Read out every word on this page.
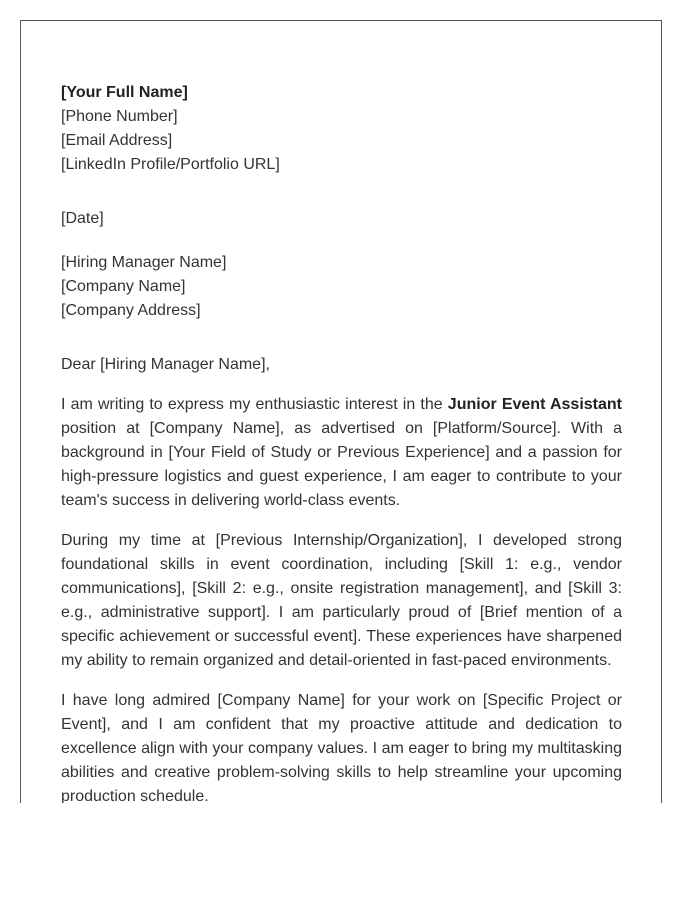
[Your Full Name]
[Phone Number]
[Email Address]
[LinkedIn Profile/Portfolio URL]
[Date]
[Hiring Manager Name]
[Company Name]
[Company Address]

Dear [Hiring Manager Name],

I am writing to express my enthusiastic interest in the Junior Event Assistant position at [Company Name], as advertised on [Platform/Source]. With a background in [Your Field of Study or Previous Experience] and a passion for high-pressure logistics and guest experience, I am eager to contribute to your team's success in delivering world-class events.

During my time at [Previous Internship/Organization], I developed strong foundational skills in event coordination, including [Skill 1: e.g., vendor communications], [Skill 2: e.g., onsite registration management], and [Skill 3: e.g., administrative support]. I am particularly proud of [Brief mention of a specific achievement or successful event]. These experiences have sharpened my ability to remain organized and detail-oriented in fast-paced environments.

I have long admired [Company Name] for your work on [Specific Project or Event], and I am confident that my proactive attitude and dedication to excellence align with your company values. I am eager to bring my multitasking abilities and creative problem-solving skills to help streamline your upcoming production schedule.
